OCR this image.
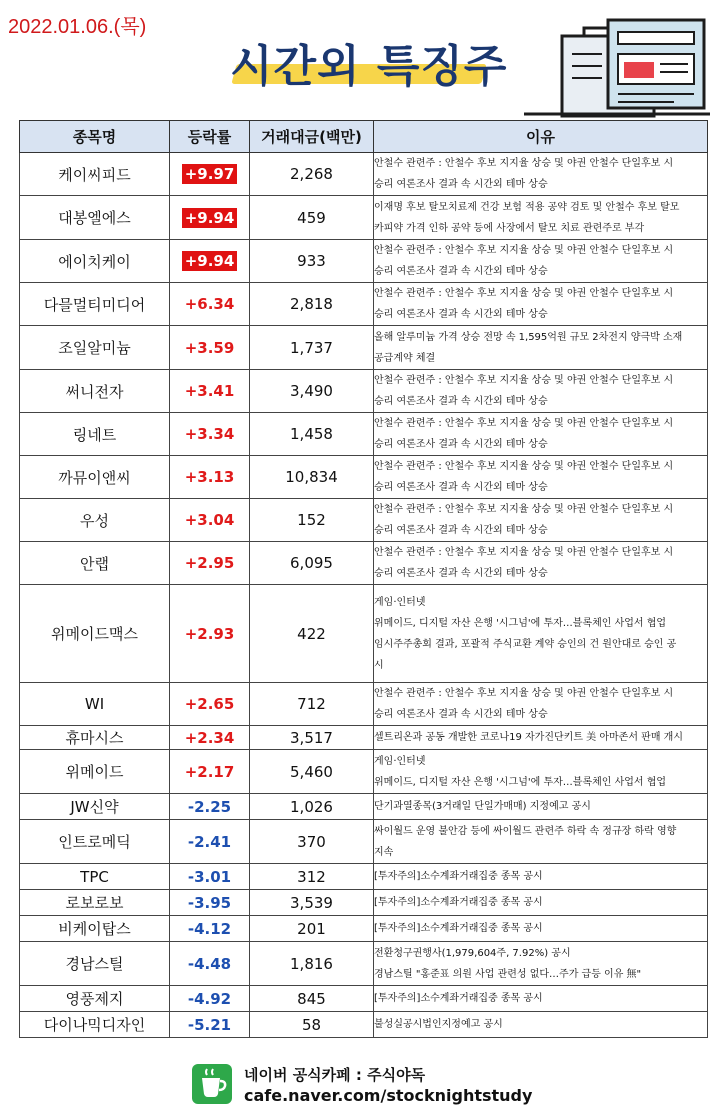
2022.01.06.(목)
시간외 특징주
종목명	등락률	거래대금(백만)	이유
케이씨피드	+9.97	2,268	안철수 관련주 : 안철수 후보 지지율 상승 및 야권 안철수 단일후보 시
승리 여론조사 결과 속 시간외 테마 상승

대봉엘에스	+9.94	459	이재명 후보 탈모치료제 건강 보험 적용 공약 검토 및 안철수 후보 탈모
카피약 가격 인하 공약 등에 사장에서 탈모 치료 관련주로 부각

에이치케이	+9.94	933	안철수 관련주 : 안철수 후보 지지율 상승 및 야권 안철수 단일후보 시
승리 여론조사 결과 속 시간외 테마 상승

다믈멀티미디어	+6.34	2,818	안철수 관련주 : 안철수 후보 지지율 상승 및 야권 안철수 단일후보 시
승리 여론조사 결과 속 시간외 테마 상승

조일알미늄	+3.59	1,737	올해 알루미늄 가격 상승 전망 속 1,595억원 규모 2차전지 양극박 소재
공급계약 체결

써니전자	+3.41	3,490	안철수 관련주 : 안철수 후보 지지율 상승 및 야권 안철수 단일후보 시
승리 여론조사 결과 속 시간외 테마 상승

링네트	+3.34	1,458	안철수 관련주 : 안철수 후보 지지율 상승 및 야권 안철수 단일후보 시
승리 여론조사 결과 속 시간외 테마 상승

까뮤이앤씨	+3.13	10,834	안철수 관련주 : 안철수 후보 지지율 상승 및 야권 안철수 단일후보 시
승리 여론조사 결과 속 시간외 테마 상승

우성	+3.04	152	안철수 관련주 : 안철수 후보 지지율 상승 및 야권 안철수 단일후보 시
승리 여론조사 결과 속 시간외 테마 상승

안랩	+2.95	6,095	안철수 관련주 : 안철수 후보 지지율 상승 및 야권 안철수 단일후보 시
승리 여론조사 결과 속 시간외 테마 상승

위메이드맥스	+2.93	422	게임·인터넷
위메이드, 디지털 자산 은행 '시그넘'에 투자…블록체인 사업서 협업
임시주주총회 결과, 포괄적 주식교환 계약 승인의 건 원안대로 승인 공
시

WI	+2.65	712	안철수 관련주 : 안철수 후보 지지율 상승 및 야권 안철수 단일후보 시
승리 여론조사 결과 속 시간외 테마 상승

휴마시스	+2.34	3,517	셀트리온과 공동 개발한 코로나19 자가진단키트 美 아마존서 판매 개시

위메이드	+2.17	5,460	게임·인터넷
위메이드, 디지털 자산 은행 '시그넘'에 투자…블록체인 사업서 협업

JW신약	-2.25	1,026	단기과열종목(3거래일 단일가매매) 지정예고 공시

인트로메딕	-2.41	370	싸이월드 운영 불안감 등에 싸이월드 관련주 하락 속 정규장 하락 영향
지속

TPC	-3.01	312	[투자주의]소수계좌거래집중 종목 공시

로보로보	-3.95	3,539	[투자주의]소수계좌거래집중 종목 공시

비케이탑스	-4.12	201	[투자주의]소수계좌거래집중 종목 공시

경남스틸	-4.48	1,816	전환청구권행사(1,979,604주, 7.92%) 공시
경남스틸 "홍준표 의원 사업 관련성 없다…주가 급등 이유 無"

영풍제지	-4.92	845	[투자주의]소수계좌거래집중 종목 공시

다이나믹디자인	-5.21	58	불성실공시법인지정예고 공시
네이버 공식카페 : 주식야독
cafe.naver.com/stocknightstudy
